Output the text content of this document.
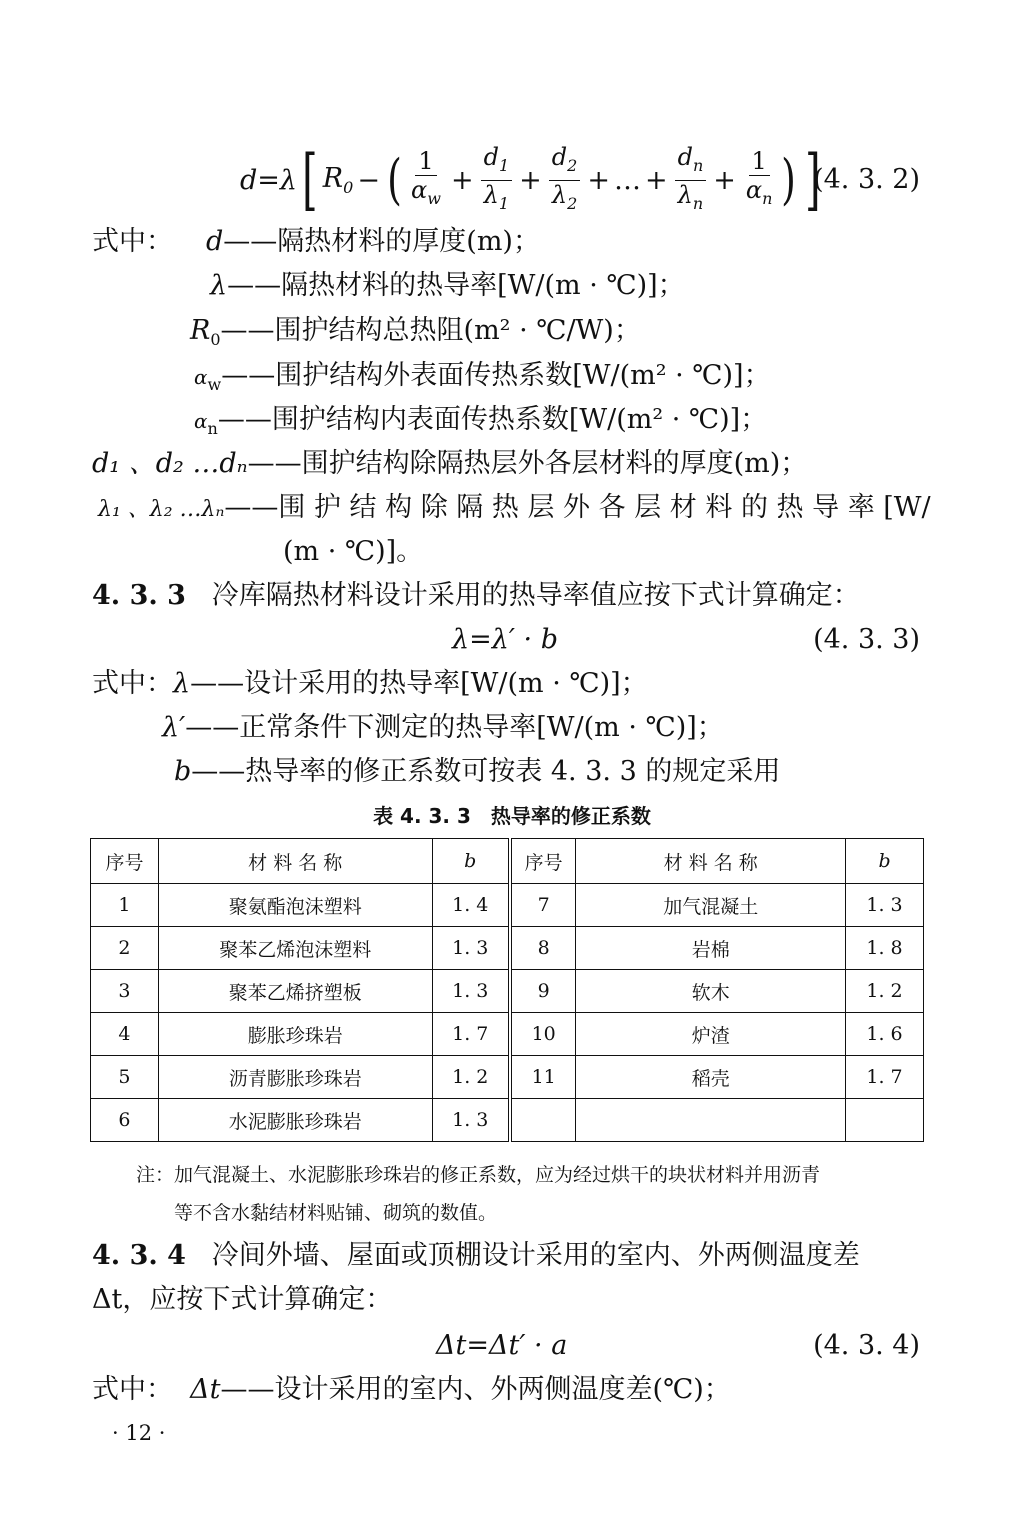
d = λ [ $R_0$ − ( $\frac{1}{\alpha_w} + \frac{d_1}{\lambda_1} + \frac{d_2}{\lambda_2}$ + … + $\frac{d_n}{\lambda_n} + \frac{1}{\alpha_n}$ ) ]
(4. 3. 2)
式中： d——隔热材料的厚度(m)；
λ——隔热材料的热导率[W/(m · ℃)]；
$R_0——$围护结构总热阻(m² · ℃/W)；
$\alpha_w——$围护结构外表面传热系数[W/(m² · ℃)]；
$\alpha_n——$围护结构内表面传热系数[W/(m² · ℃)]；
d₁ 、d₂ …dₙ——围护结构除隔热层外各层材料的厚度(m)；
λ₁ 、λ₂ …λₙ——围 护 结 构 除 隔 热 层 外 各 层 材 料 的 热 导 率 [W/
(m · ℃)]。
4. 3. 3 冷库隔热材料设计采用的热导率值应按下式计算确定：
λ=λ′ · b	(4. 3. 3)
式中：λ——设计采用的热导率[W/(m · ℃)]；
λ′——正常条件下测定的热导率[W/(m · ℃)]；
b——热导率的修正系数可按表 4. 3. 3 的规定采用
表 4. 3. 3　热导率的修正系数
序号	材 料 名 称	b	序号	材 料 名 称	b
1	聚氨酯泡沫塑料	1. 4	7	加气混凝土	1. 3
2	聚苯乙烯泡沫塑料	1. 3	8	岩棉	1. 8
3	聚苯乙烯挤塑板	1. 3	9	软木	1. 2
4	膨胀珍珠岩	1. 7	10	炉渣	1. 6
5	沥青膨胀珍珠岩	1. 2	11	稻壳	1. 7
6	水泥膨胀珍珠岩	1. 3			
注：加气混凝土、水泥膨胀珍珠岩的修正系数，应为经过烘干的块状材料并用沥青
等不含水黏结材料贴铺、砌筑的数值。
4. 3. 4 冷间外墙、屋面或顶棚设计采用的室内、外两侧温度差
Δt，应按下式计算确定：
Δt=Δt′ · a	(4. 3. 4)
式中： Δt——设计采用的室内、外两侧温度差(℃)；
· 12 ·
